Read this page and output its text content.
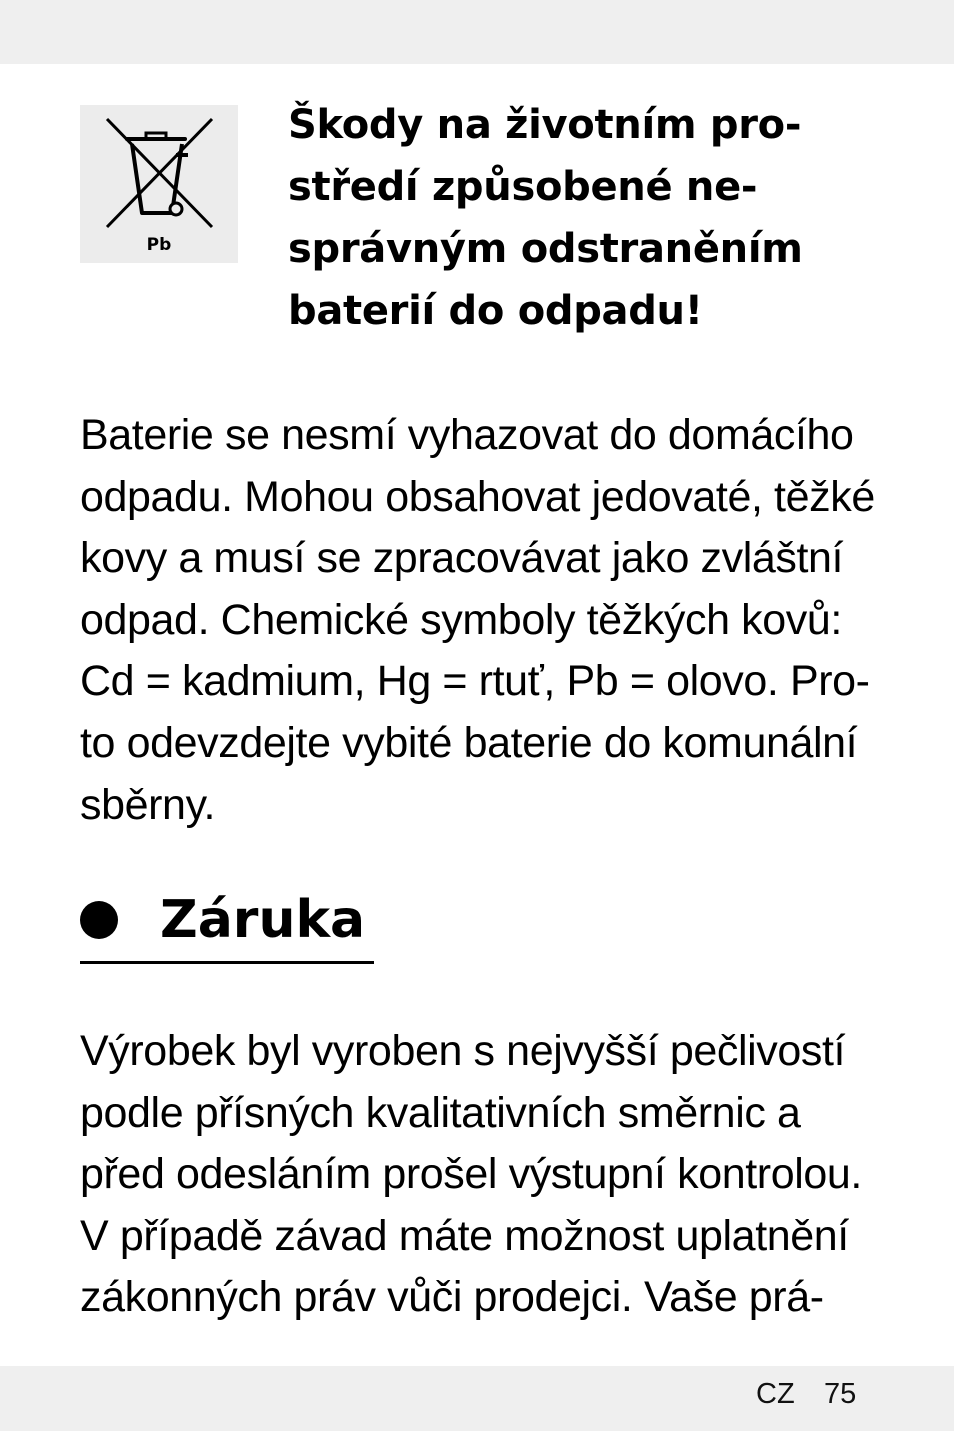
Pb
Škody na životním pro-
středí způsobené ne-
správným odstraněním
baterií do odpadu!
Baterie se nesmí vyhazovat do domácího
odpadu. Mohou obsahovat jedovaté, těžké
kovy a musí se zpracovávat jako zvláštní
odpad. Chemické symboly těžkých kovů:
Cd = kadmium, Hg = rtuť, Pb = olovo. Pro-
to odevzdejte vybité baterie do komunální
sběrny.
Záruka
Výrobek byl vyroben s nejvyšší pečlivostí
podle přísných kvalitativních směrnic a
před odesláním prošel výstupní kontrolou.
V případě závad máte možnost uplatnění
zákonných práv vůči prodejci. Vaše prá-
CZ 75
